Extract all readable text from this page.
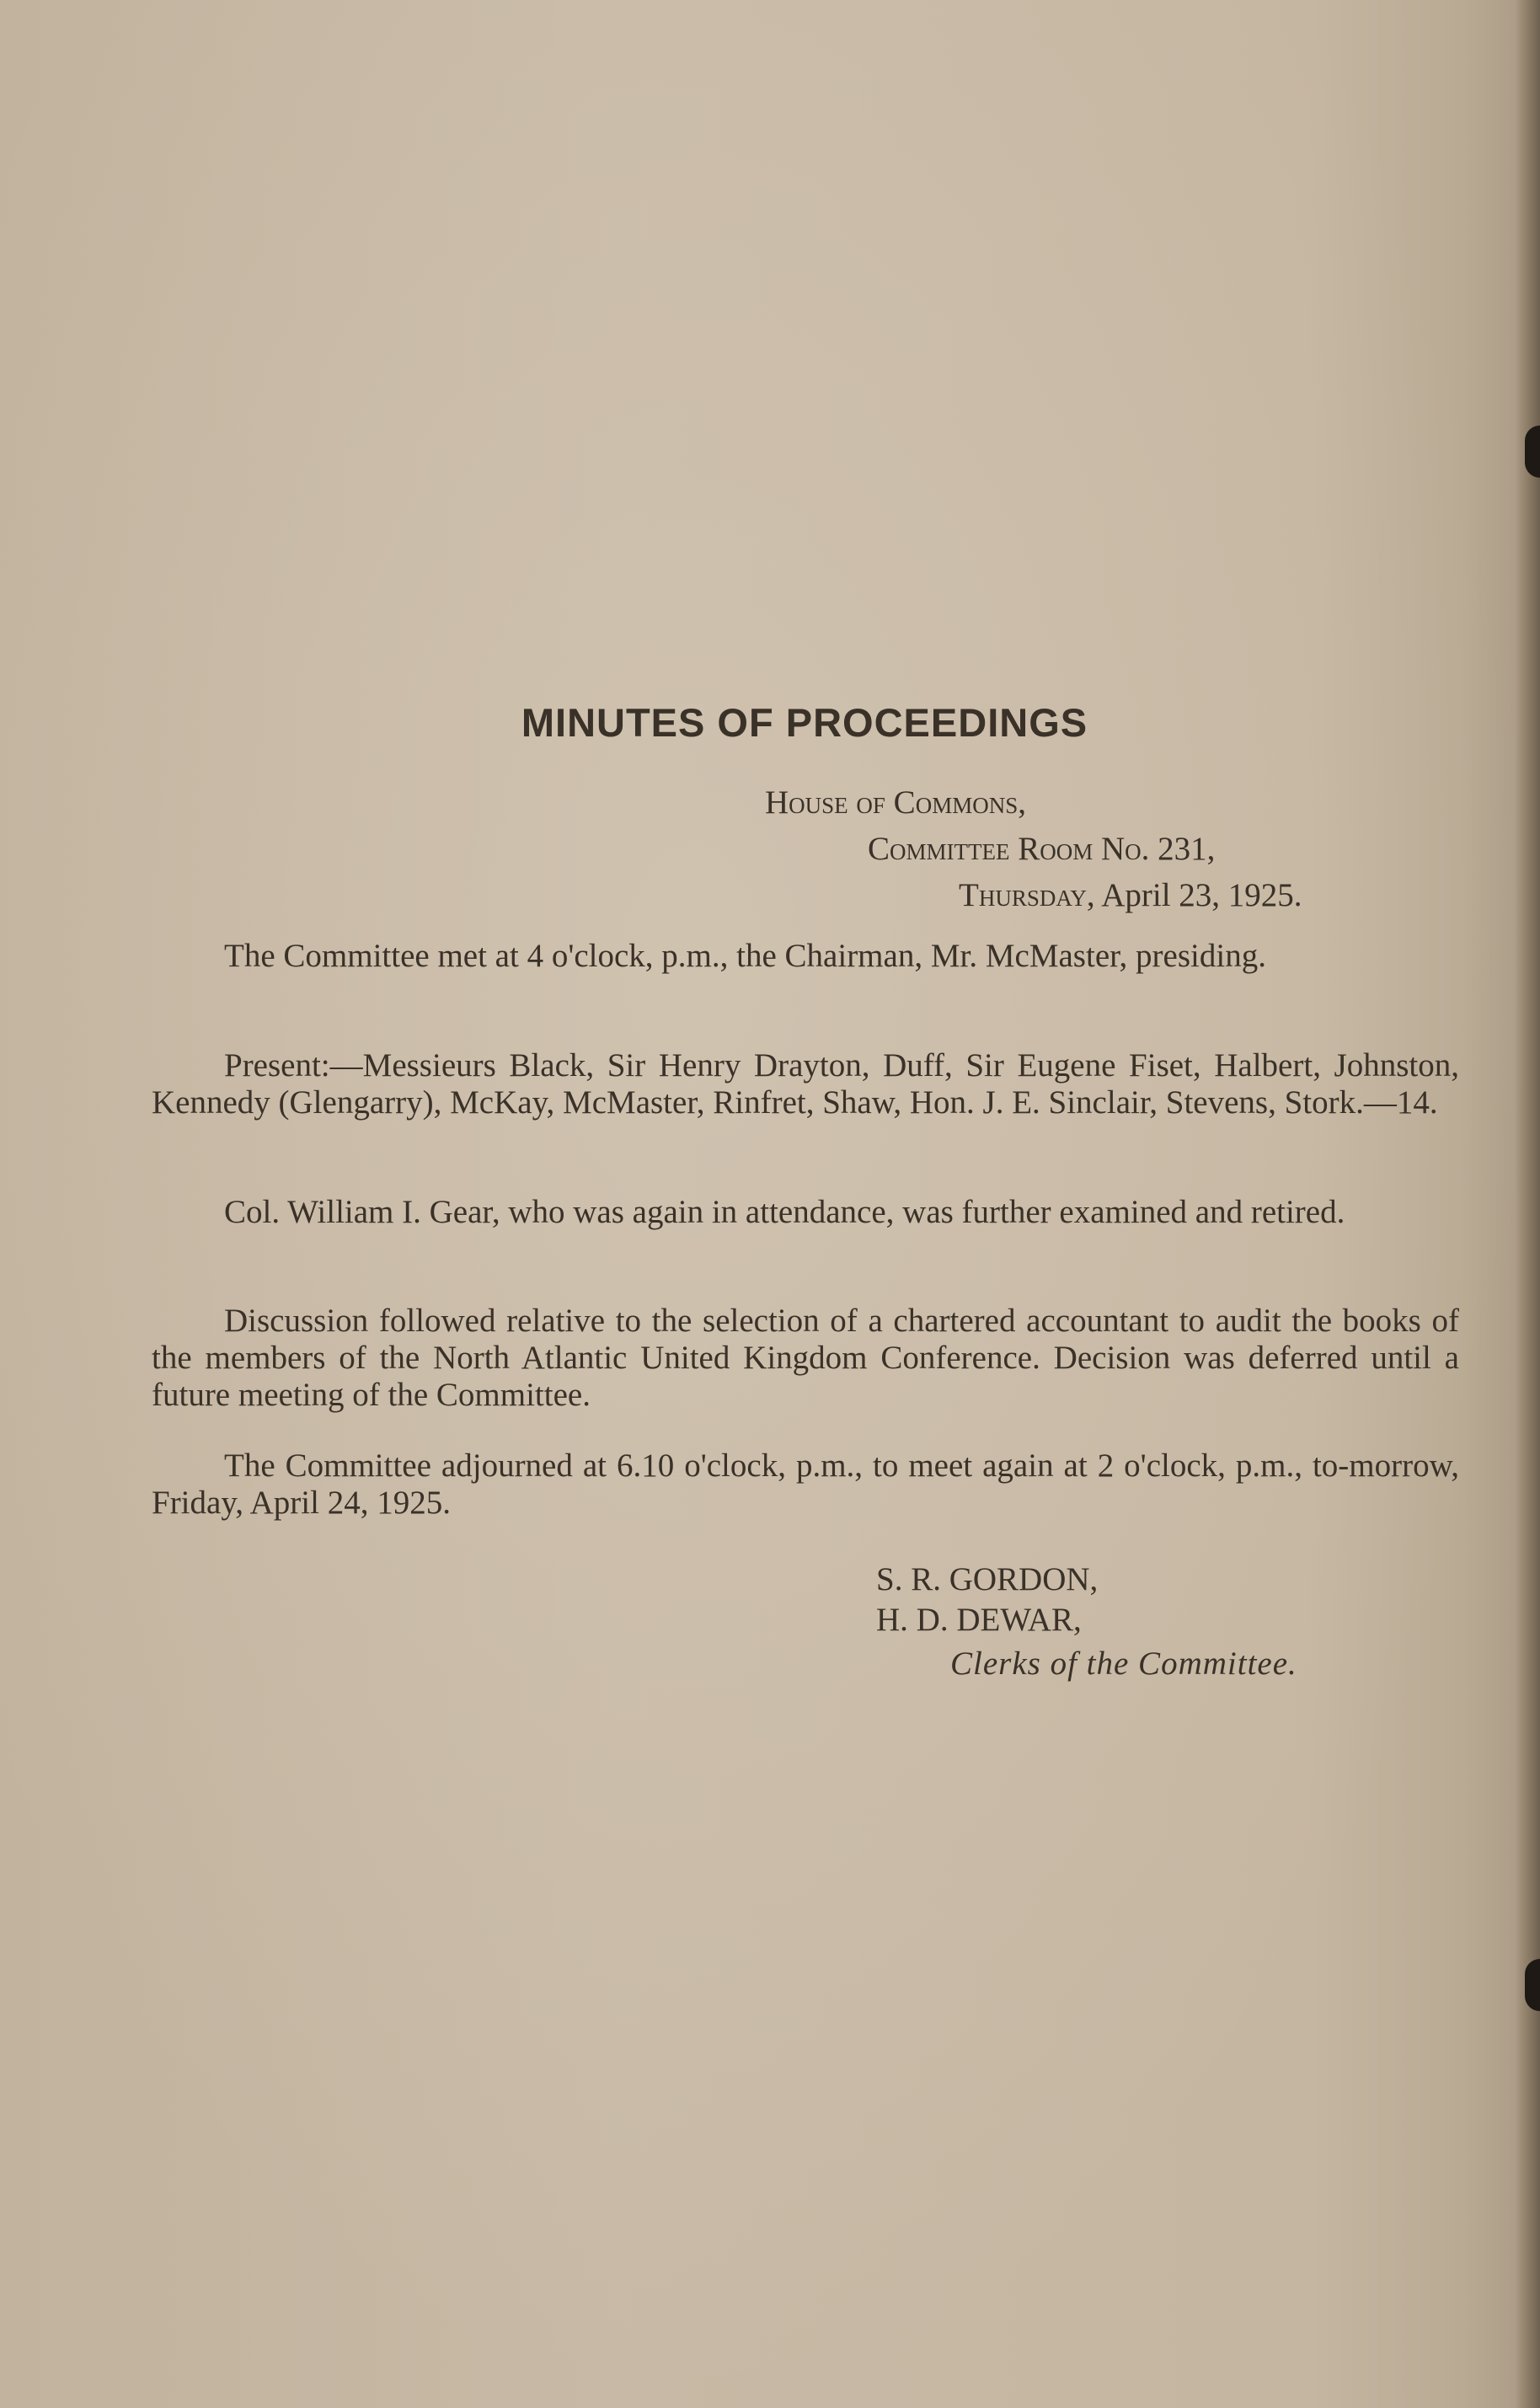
MINUTES OF PROCEEDINGS
House of Commons,
Committee Room No. 231,
Thursday, April 23, 1925.
The Committee met at 4 o'clock, p.m., the Chairman, Mr. McMaster, presiding.
Present:—Messieurs Black, Sir Henry Drayton, Duff, Sir Eugene Fiset, Halbert, Johnston, Kennedy (Glengarry), McKay, McMaster, Rinfret, Shaw, Hon. J. E. Sinclair, Stevens, Stork.—14.
Col. William I. Gear, who was again in attendance, was further examined and retired.
Discussion followed relative to the selection of a chartered accountant to audit the books of the members of the North Atlantic United Kingdom Conference. Decision was deferred until a future meeting of the Committee.
The Committee adjourned at 6.10 o'clock, p.m., to meet again at 2 o'clock, p.m., to-morrow, Friday, April 24, 1925.
S. R. GORDON,
H. D. DEWAR,
Clerks of the Committee.
